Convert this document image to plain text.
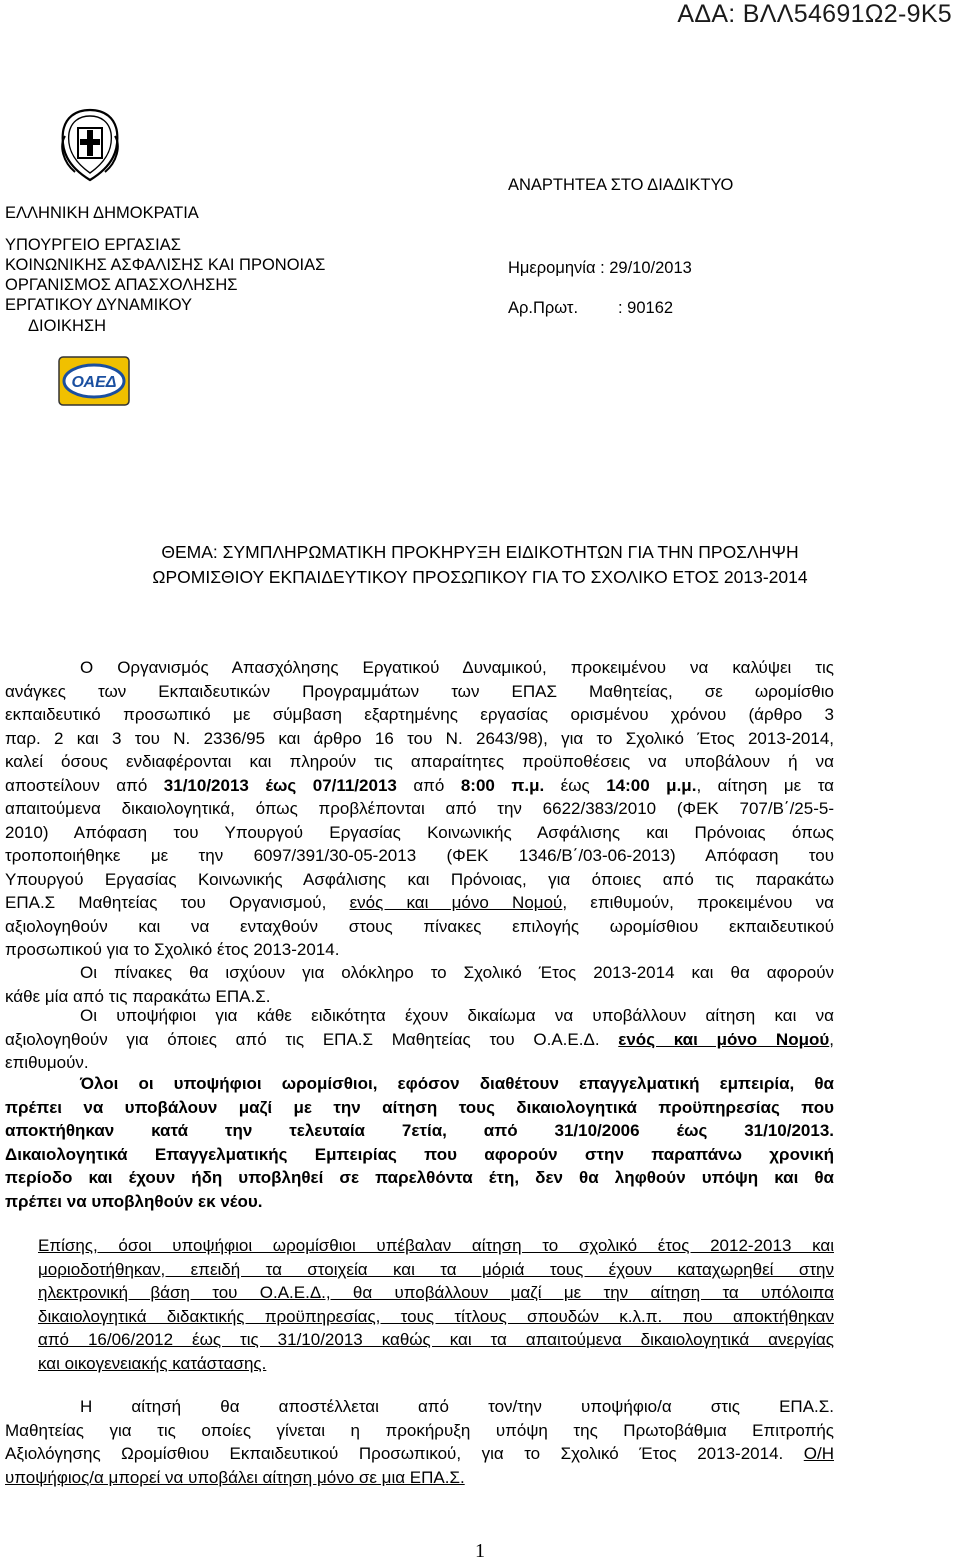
ΑΔΑ: ΒΛΛ54691Ω2-9Κ5
ΕΛΛΗΝΙΚΗ ΔΗΜΟΚΡΑΤΙΑ
ΥΠΟΥΡΓΕΙΟ ΕΡΓΑΣΙΑΣ
ΚΟΙΝΩΝΙΚΗΣ ΑΣΦΑΛΙΣΗΣ ΚΑΙ ΠΡΟΝΟΙΑΣ
ΟΡΓΑΝΙΣΜΟΣ ΑΠΑΣΧΟΛΗΣΗΣ
ΕΡΓΑΤΙΚΟΥ ΔΥΝΑΜΙΚΟΥ
ΔΙΟΙΚΗΣΗ
ΑΝΑΡΤΗΤΕΑ ΣΤΟ ΔΙΑΔΙΚΤΥΟ
Ημερομηνία : 29/10/2013
Αρ.Πρωτ. : 90162
ΟΑΕΔ
ΘΕΜΑ: ΣΥΜΠΛΗΡΩΜΑΤΙΚΗ ΠΡΟΚΗΡΥΞΗ ΕΙΔΙΚΟΤΗΤΩΝ ΓΙΑ ΤΗΝ ΠΡΟΣΛΗΨΗ
ΩΡΟΜΙΣΘΙΟΥ ΕΚΠΑΙΔΕΥΤΙΚΟΥ ΠΡΟΣΩΠΙΚΟΥ ΓΙΑ ΤΟ ΣΧΟΛΙΚΟ ΕΤΟΣ 2013-2014
Ο Οργανισμός Απασχόλησης Εργατικού Δυναμικού, προκειμένου να καλύψει τις
ανάγκες των Εκπαιδευτικών Προγραμμάτων των ΕΠΑΣ Μαθητείας, σε ωρομίσθιο
εκπαιδευτικό προσωπικό με σύμβαση εξαρτημένης εργασίας ορισμένου χρόνου (άρθρο 3
παρ. 2 και 3 του Ν. 2336/95 και άρθρο 16 του Ν. 2643/98), για το Σχολικό Έτος 2013-2014,
καλεί όσους ενδιαφέρονται και πληρούν τις απαραίτητες προϋποθέσεις να υποβάλουν ή να
αποστείλουν από 31/10/2013 έως 07/11/2013 από 8:00 π.μ. έως 14:00 μ.μ., αίτηση με τα
απαιτούμενα δικαιολογητικά, όπως προβλέπονται από την 6622/383/2010 (ΦΕΚ 707/Β΄/25-5-
2010) Απόφαση του Υπουργού Εργασίας Κοινωνικής Ασφάλισης και Πρόνοιας όπως
τροποποιήθηκε με την 6097/391/30-05-2013 (ΦΕΚ 1346/Β΄/03-06-2013) Απόφαση του
Υπουργού Εργασίας Κοινωνικής Ασφάλισης και Πρόνοιας, για όποιες από τις παρακάτω
ΕΠΑ.Σ Μαθητείας του Οργανισμού, ενός και μόνο Νομού, επιθυμούν, προκειμένου να
αξιολογηθούν και να ενταχθούν στους πίνακες επιλογής ωρομίσθιου εκπαιδευτικού
προσωπικού για το Σχολικό έτος 2013-2014.
Οι πίνακες θα ισχύουν για ολόκληρο το Σχολικό Έτος 2013-2014 και θα αφορούν
κάθε μία από τις παρακάτω ΕΠΑ.Σ.
Οι υποψήφιοι για κάθε ειδικότητα έχουν δικαίωμα να υποβάλλουν αίτηση και να
αξιολογηθούν για όποιες από τις ΕΠΑ.Σ Μαθητείας του Ο.Α.Ε.Δ. ενός και μόνο Νομού,
επιθυμούν.
Όλοι οι υποψήφιοι ωρομίσθιοι, εφόσον διαθέτουν επαγγελματική εμπειρία, θα
πρέπει να υποβάλουν μαζί με την αίτηση τους δικαιολογητικά προϋπηρεσίας που
αποκτήθηκαν κατά την τελευταία 7ετία, από 31/10/2006 έως 31/10/2013.
Δικαιολογητικά Επαγγελματικής Εμπειρίας που αφορούν στην παραπάνω χρονική
περίοδο και έχουν ήδη υποβληθεί σε παρελθόντα έτη, δεν θα ληφθούν υπόψη και θα
πρέπει να υποβληθούν εκ νέου.
Επίσης, όσοι υποψήφιοι ωρομίσθιοι υπέβαλαν αίτηση το σχολικό έτος 2012-2013 και
μοριοδοτήθηκαν, επειδή τα στοιχεία και τα μόριά τους έχουν καταχωρηθεί στην
ηλεκτρονική βάση του Ο.Α.Ε.Δ., θα υποβάλλουν μαζί με την αίτηση τα υπόλοιπα
δικαιολογητικά διδακτικής προϋπηρεσίας, τους τίτλους σπουδών κ.λ.π. που αποκτήθηκαν
από 16/06/2012 έως τις 31/10/2013 καθώς και τα απαιτούμενα δικαιολογητικά ανεργίας
και οικογενειακής κατάστασης.
Η αίτησή θα αποστέλλεται από τον/την υποψήφιο/α στις ΕΠΑ.Σ.
Μαθητείας για τις οποίες γίνεται η προκήρυξη υπόψη της Πρωτοβάθμια Επιτροπής
Αξιολόγησης Ωρομίσθιου Εκπαιδευτικού Προσωπικού, για το Σχολικό Έτος 2013-2014. Ο/Η
υποψήφιος/α μπορεί να υποβάλει αίτηση μόνο σε μια ΕΠΑ.Σ.
1
